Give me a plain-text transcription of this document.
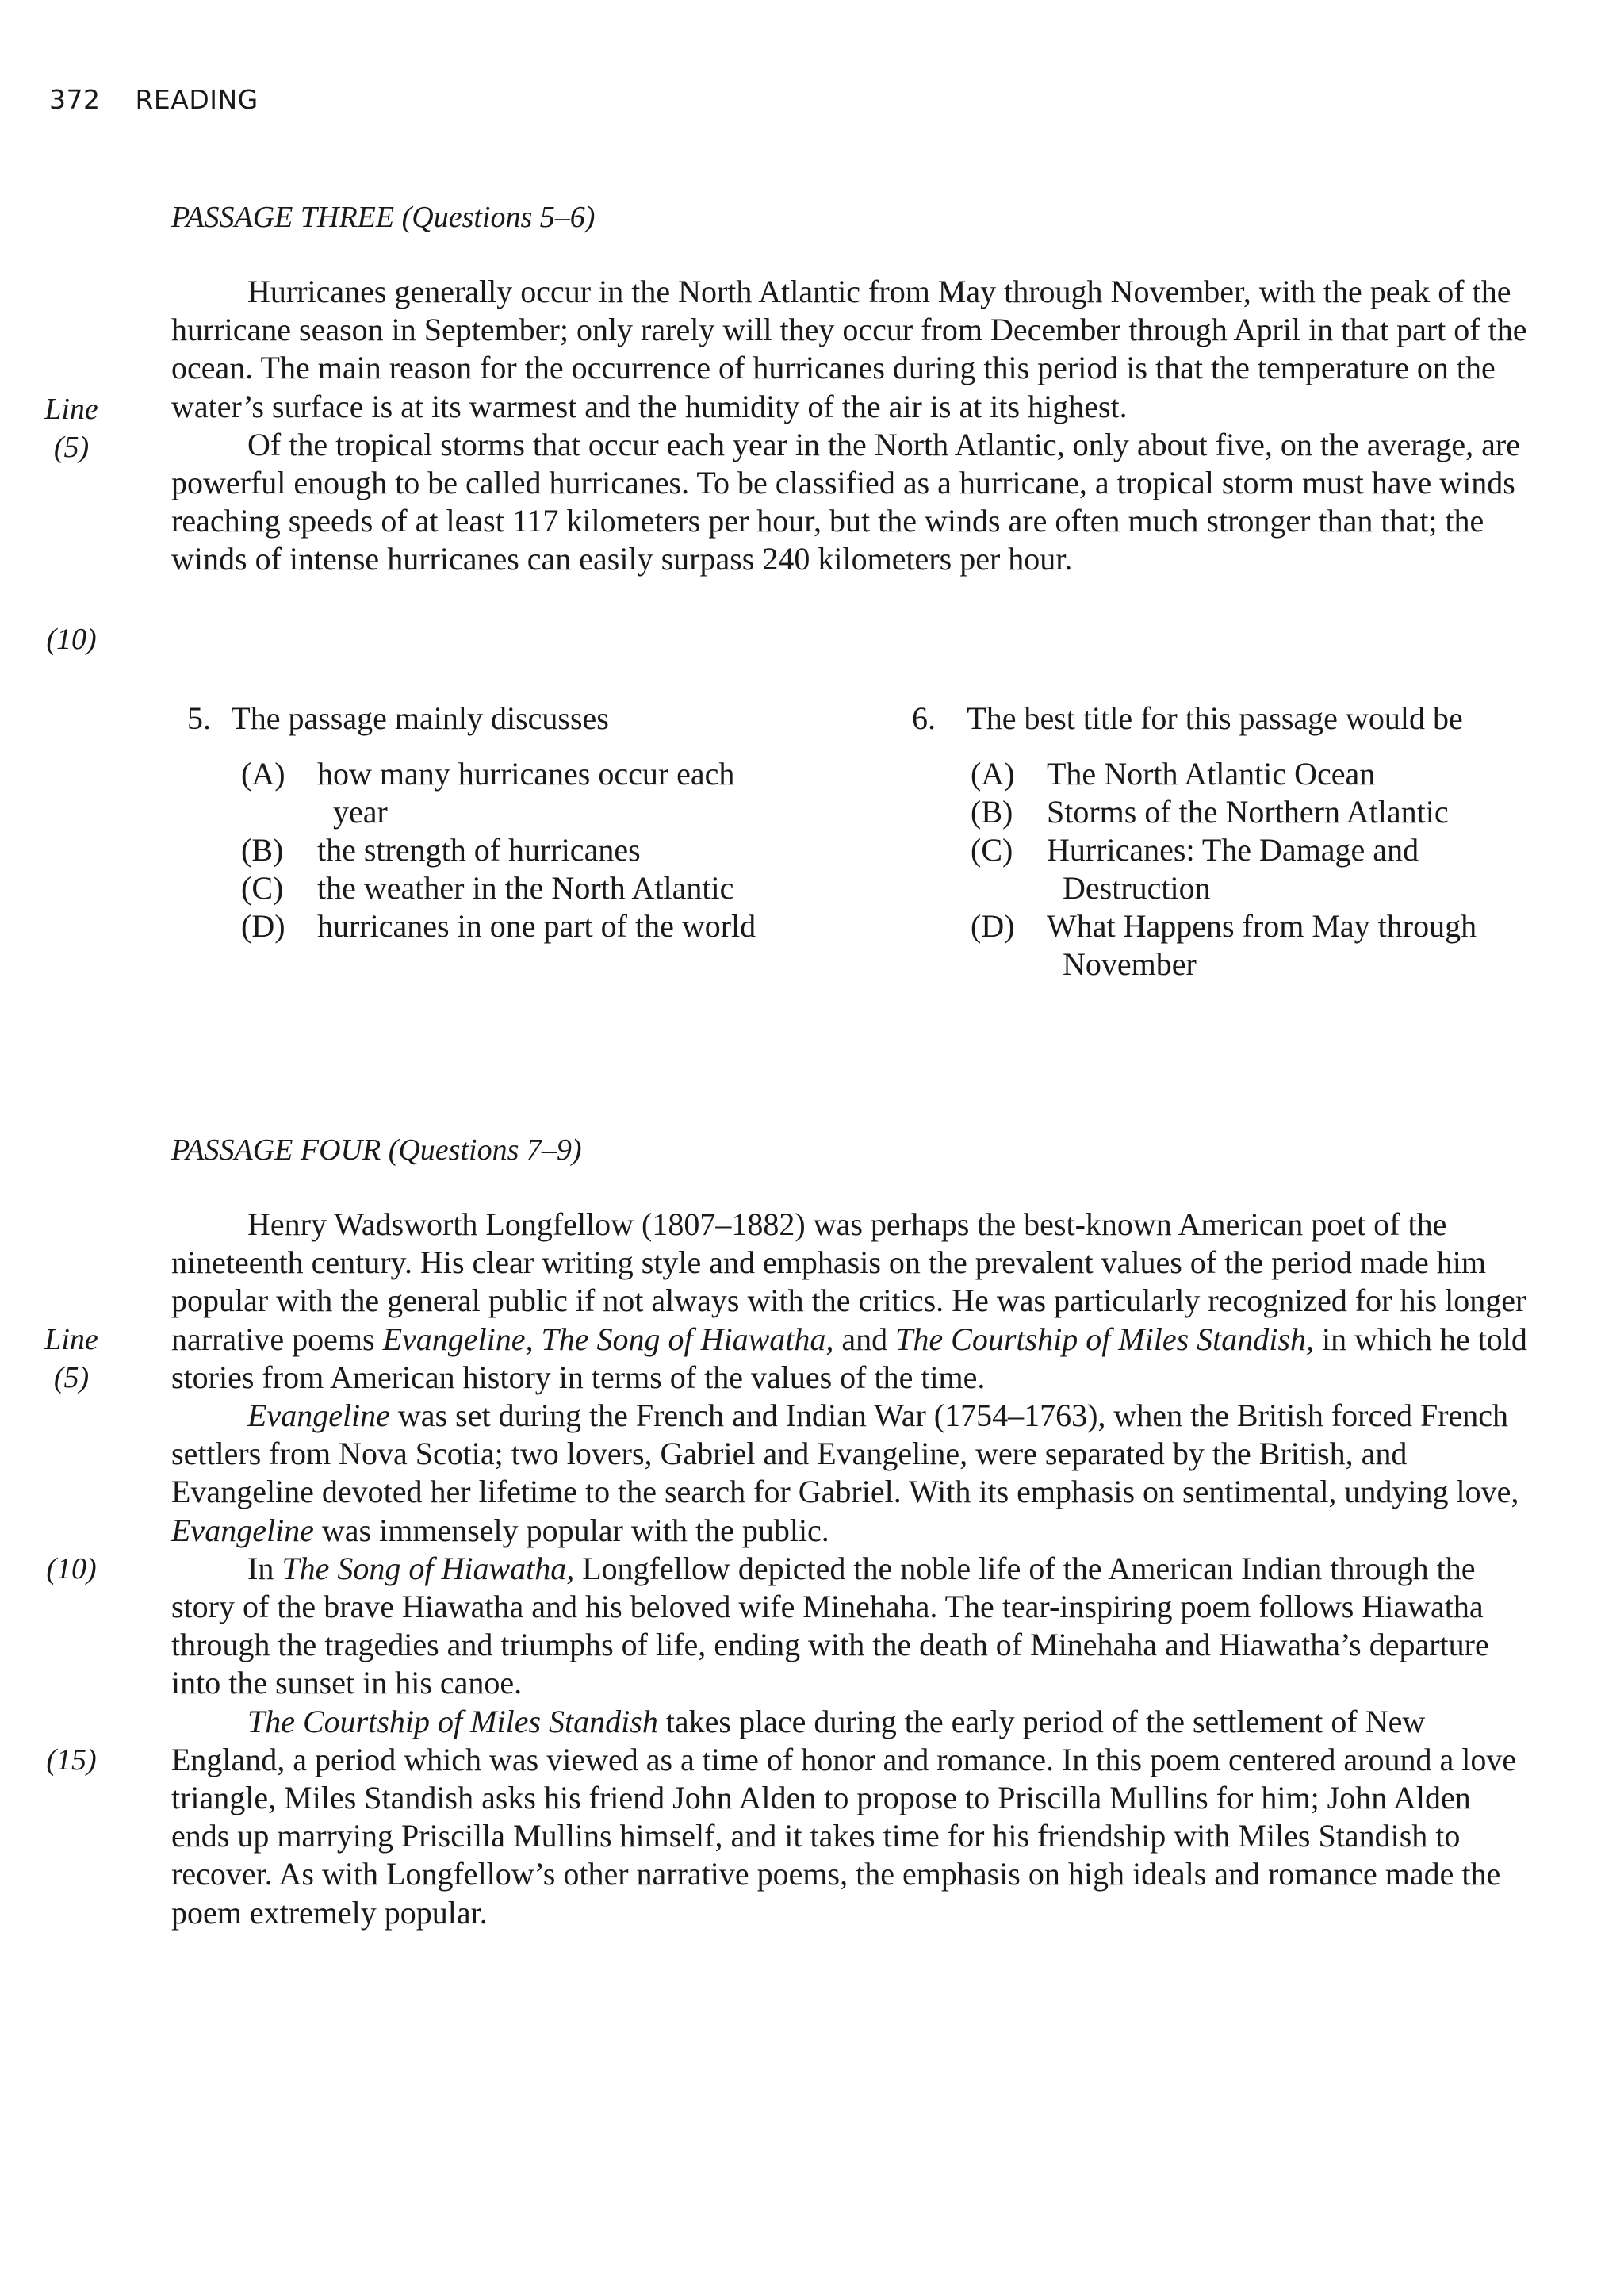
372 READING
PASSAGE THREE (Questions 5–6)
Line
(5)
(10)

Hurricanes generally occur in the North Atlantic from May through November, with the peak of the hurricane season in September; only rarely will they occur from December through April in that part of the ocean. The main reason for the occurrence of hurricanes during this period is that the temperature on the water’s surface is at its warmest and the humidity of the air is at its highest.

Of the tropical storms that occur each year in the North Atlantic, only about five, on the average, are powerful enough to be called hurricanes. To be classified as a hurricane, a tropical storm must have winds reaching speeds of at least 117 kilometers per hour, but the winds are often much stronger than that; the winds of intense hurricanes can easily surpass 240 kilometers per hour.

5. The passage mainly discusses
(A) how many hurricanes occur each
year
(B) the strength of hurricanes
(C) the weather in the North Atlantic
(D) hurricanes in one part of the world
6. The best title for this passage would be
(A) The North Atlantic Ocean
(B) Storms of the Northern Atlantic
(C) Hurricanes: The Damage and
Destruction
(D) What Happens from May through
November
PASSAGE FOUR (Questions 7–9)
Line
(5)
(10)
(15)

Henry Wadsworth Longfellow (1807–1882) was perhaps the best-known American poet of the nineteenth century. His clear writing style and emphasis on the prevalent values of the period made him popular with the general public if not always with the critics. He was particularly recognized for his longer narrative poems Evangeline, The Song of Hiawatha, and The Courtship of Miles Standish, in which he told stories from American history in terms of the values of the time.

Evangeline was set during the French and Indian War (1754–1763), when the British forced French settlers from Nova Scotia; two lovers, Gabriel and Evangeline, were separated by the British, and Evangeline devoted her lifetime to the search for Gabriel. With its emphasis on sentimental, undying love, Evangeline was immensely popular with the public.

In The Song of Hiawatha, Longfellow depicted the noble life of the American Indian through the story of the brave Hiawatha and his beloved wife Minehaha. The tear-inspiring poem follows Hiawatha through the tragedies and triumphs of life, ending with the death of Minehaha and Hiawatha’s departure into the sunset in his canoe.

The Courtship of Miles Standish takes place during the early period of the settlement of New England, a period which was viewed as a time of honor and romance. In this poem centered around a love triangle, Miles Standish asks his friend John Alden to propose to Priscilla Mullins for him; John Alden ends up marrying Priscilla Mullins himself, and it takes time for his friendship with Miles Standish to recover. As with Longfellow’s other narrative poems, the emphasis on high ideals and romance made the poem extremely popular.
